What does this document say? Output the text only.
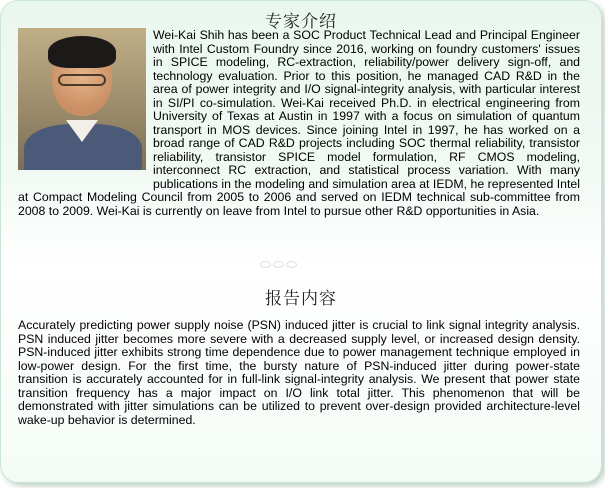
专家介绍
Wei-Kai Shih has been a SOC Product Technical Lead and Principal Engineer with Intel Custom Foundry since 2016, working on foundry customers' issues in SPICE modeling, RC-extraction, reliability/power delivery sign-off, and technology evaluation. Prior to this position, he managed CAD R&D in the area of power integrity and I/O signal-integrity analysis, with particular interest in SI/PI co-simulation. Wei-Kai received Ph.D. in electrical engineering from University of Texas at Austin in 1997 with a focus on simulation of quantum transport in MOS devices. Since joining Intel in 1997, he has worked on a broad range of CAD R&D projects including SOC thermal reliability, transistor reliability, transistor SPICE model formulation, RF CMOS modeling, interconnect RC extraction, and statistical process variation. With many publications in the modeling and simulation area at IEDM, he represented Intel at Compact Modeling Council from 2005 to 2006 and served on IEDM technical sub-committee from 2008 to 2009. Wei-Kai is currently on leave from Intel to pursue other R&D opportunities in Asia.
报告内容
Accurately predicting power supply noise (PSN) induced jitter is crucial to link signal integrity analysis. PSN induced jitter becomes more severe with a decreased supply level, or increased design density. PSN-induced jitter exhibits strong time dependence due to power management technique employed in low-power design. For the first time, the bursty nature of PSN-induced jitter during power-state transition is accurately accounted for in full-link signal-integrity analysis. We present that power state transition frequency has a major impact on I/O link total jitter. This phenomenon that will be demonstrated with jitter simulations can be utilized to prevent over-design provided architecture-level wake-up behavior is determined.
